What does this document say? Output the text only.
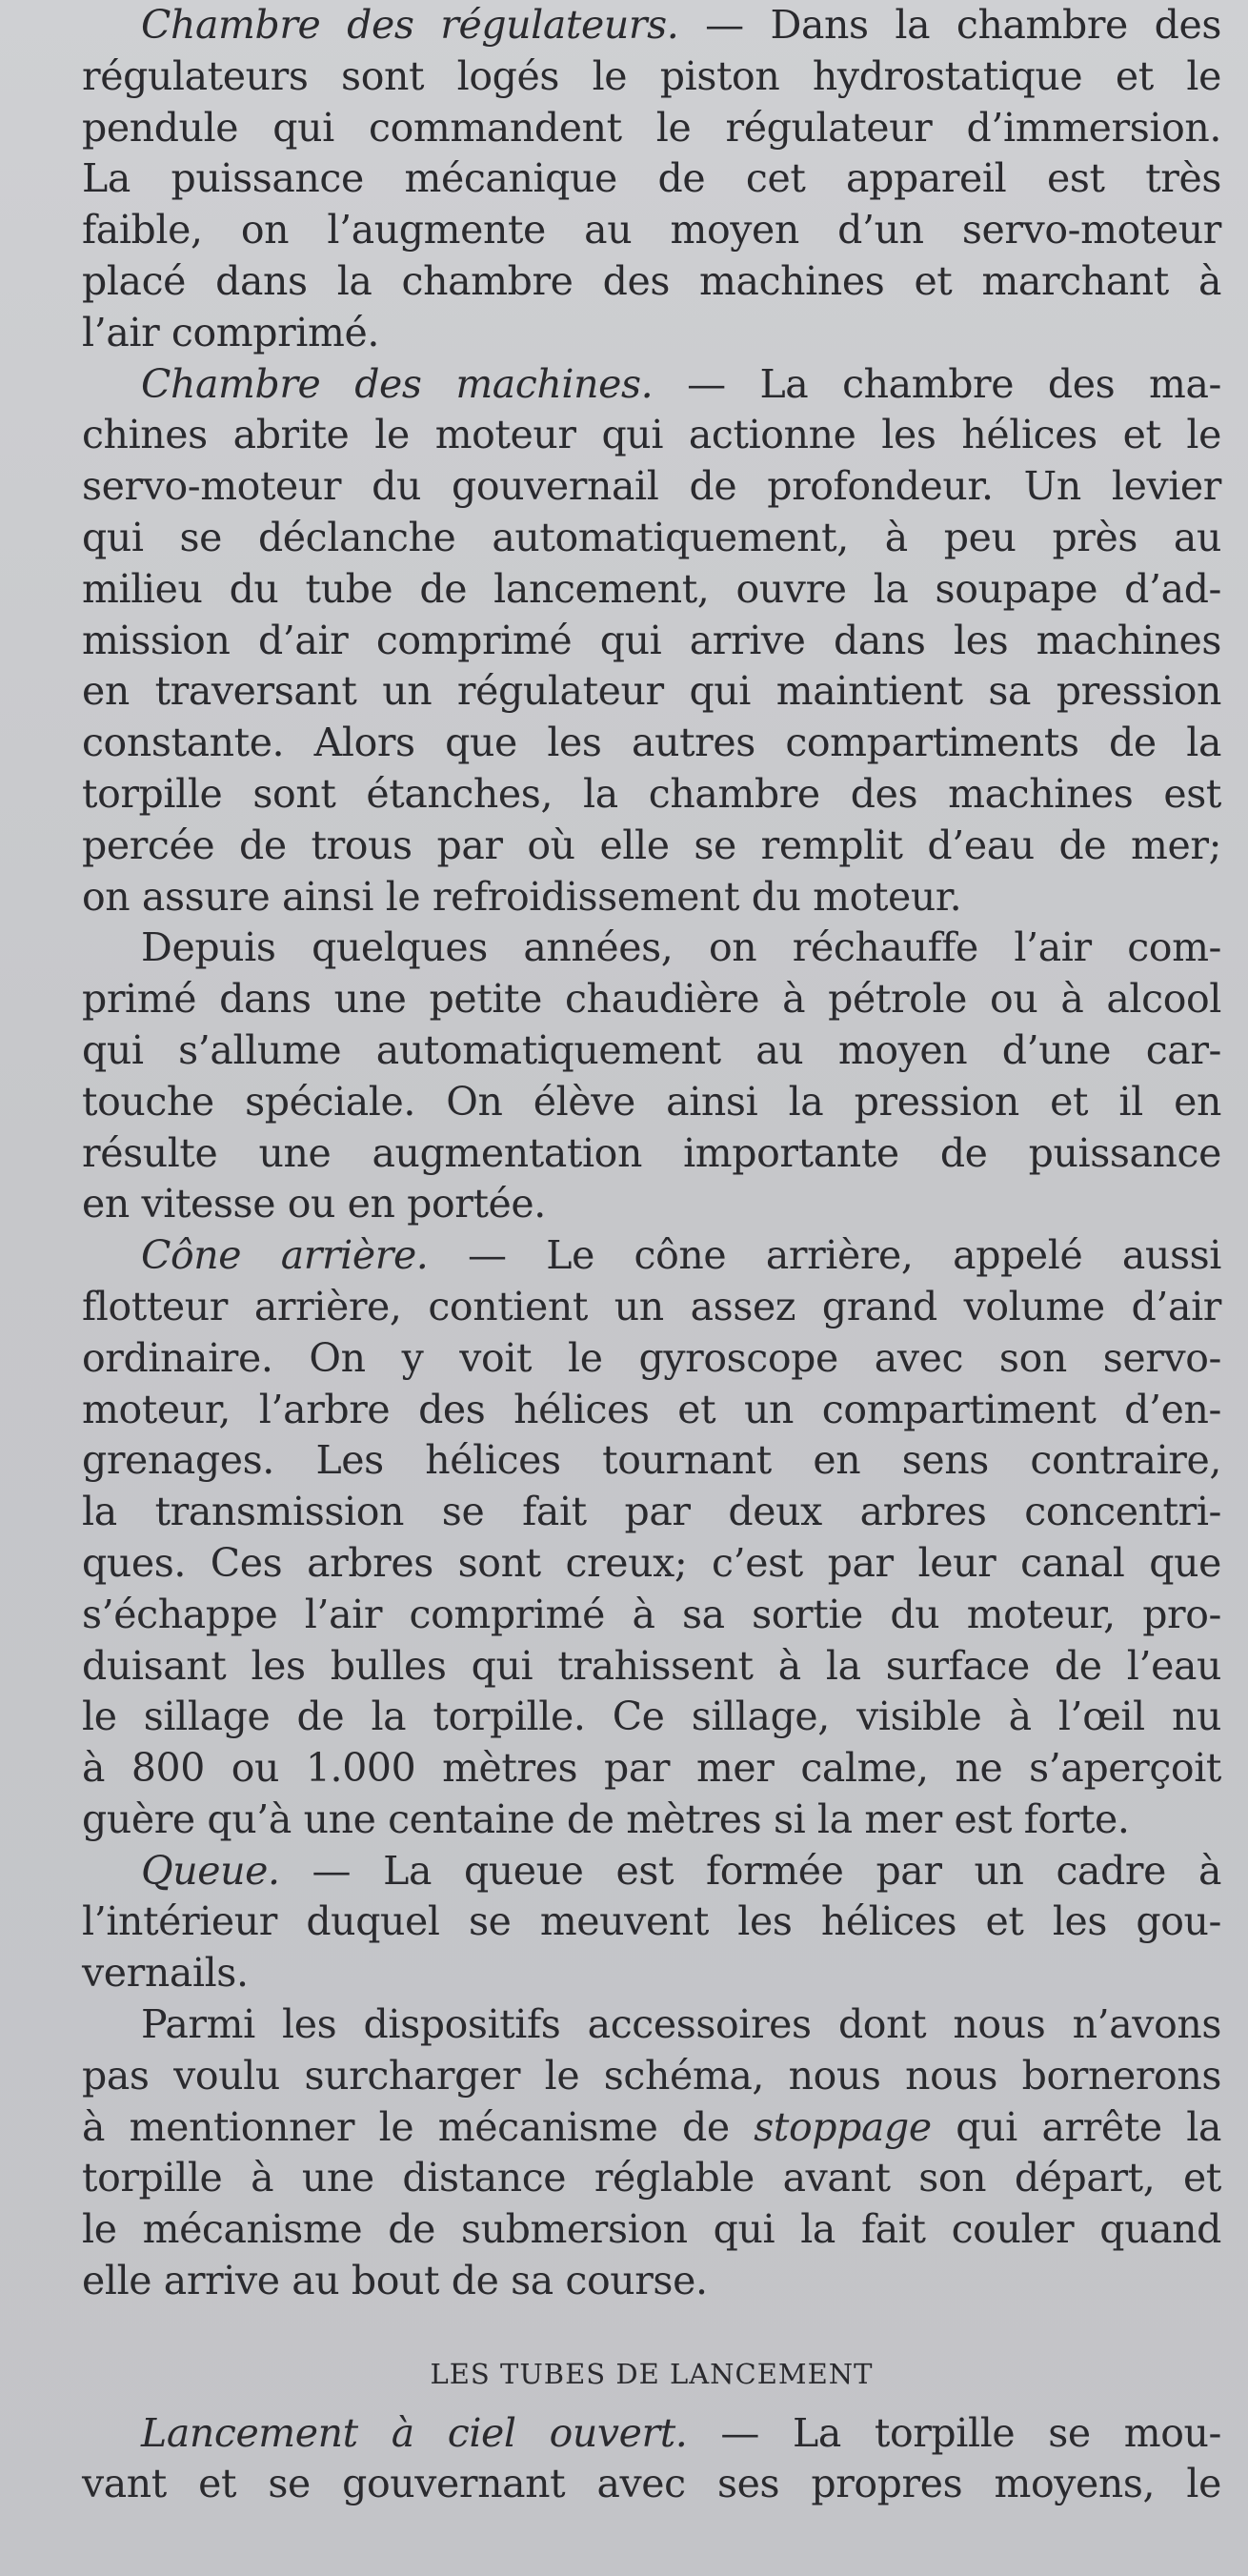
Chambre des régulateurs. — Dans la chambre des
régulateurs sont logés le piston hydrostatique et le
pendule qui commandent le régulateur d’immersion.
La puissance mécanique de cet appareil est très
faible, on l’augmente au moyen d’un servo-moteur
placé dans la chambre des machines et marchant à
l’air comprimé.
Chambre des machines. — La chambre des ma-
chines abrite le moteur qui actionne les hélices et le
servo-moteur du gouvernail de profondeur. Un levier
qui se déclanche automatiquement, à peu près au
milieu du tube de lancement, ouvre la soupape d’ad-
mission d’air comprimé qui arrive dans les machines
en traversant un régulateur qui maintient sa pression
constante. Alors que les autres compartiments de la
torpille sont étanches, la chambre des machines est
percée de trous par où elle se remplit d’eau de mer;
on assure ainsi le refroidissement du moteur.
Depuis quelques années, on réchauffe l’air com-
primé dans une petite chaudière à pétrole ou à alcool
qui s’allume automatiquement au moyen d’une car-
touche spéciale. On élève ainsi la pression et il en
résulte une augmentation importante de puissance
en vitesse ou en portée.
Cône arrière. — Le cône arrière, appelé aussi
flotteur arrière, contient un assez grand volume d’air
ordinaire. On y voit le gyroscope avec son servo-
moteur, l’arbre des hélices et un compartiment d’en-
grenages. Les hélices tournant en sens contraire,
la transmission se fait par deux arbres concentri-
ques. Ces arbres sont creux; c’est par leur canal que
s’échappe l’air comprimé à sa sortie du moteur, pro-
duisant les bulles qui trahissent à la surface de l’eau
le sillage de la torpille. Ce sillage, visible à l’œil nu
à 800 ou 1.000 mètres par mer calme, ne s’aperçoit
guère qu’à une centaine de mètres si la mer est forte.
Queue. — La queue est formée par un cadre à
l’intérieur duquel se meuvent les hélices et les gou-
vernails.
Parmi les dispositifs accessoires dont nous n’avons
pas voulu surcharger le schéma, nous nous bornerons
à mentionner le mécanisme de stoppage qui arrête la
torpille à une distance réglable avant son départ, et
le mécanisme de submersion qui la fait couler quand
elle arrive au bout de sa course.
LES TUBES DE LANCEMENT
Lancement à ciel ouvert. — La torpille se mou-
vant et se gouvernant avec ses propres moyens, le
